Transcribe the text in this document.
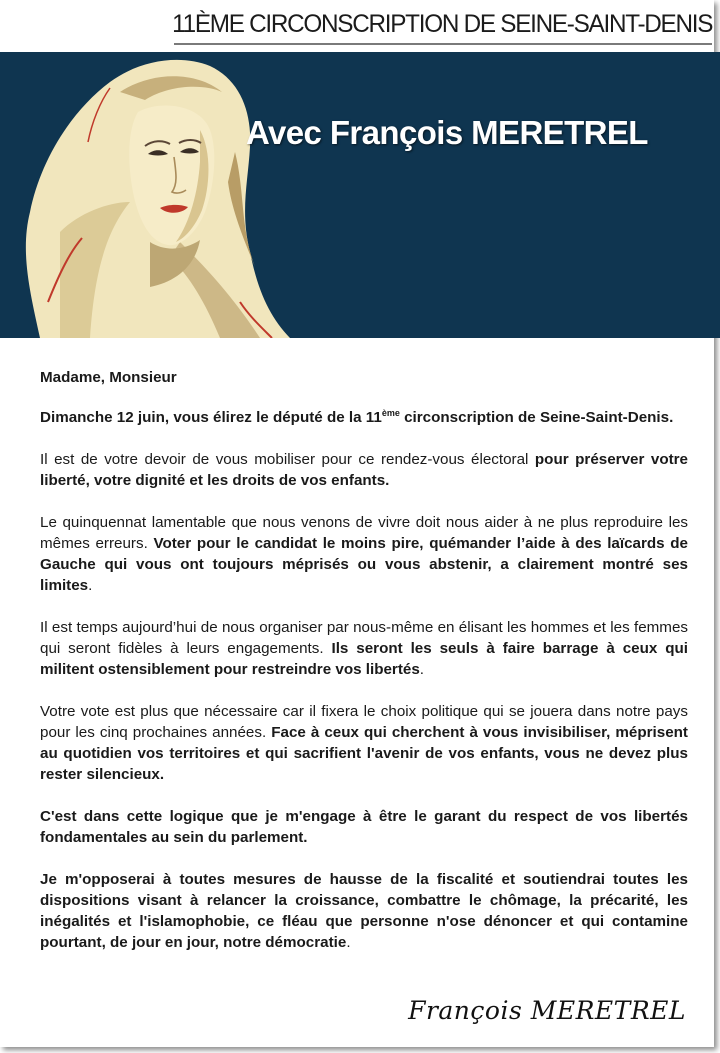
11ÈME CIRCONSCRIPTION DE SEINE-SAINT-DENIS
Avec François MERETREL

Madame, Monsieur

Dimanche 12 juin, vous élirez le député de la 11ème circonscription de Seine-Saint-Denis.

Il est de votre devoir de vous mobiliser pour ce rendez-vous électoral pour préserver votre liberté, votre dignité et les droits de vos enfants.

Le quinquennat lamentable que nous venons de vivre doit nous aider à ne plus reproduire les mêmes erreurs. Voter pour le candidat le moins pire, quémander l’aide à des laïcards de Gauche qui vous ont toujours méprisés ou vous abstenir, a clairement montré ses limites.

Il est temps aujourd’hui de nous organiser par nous-même en élisant les hommes et les femmes qui seront fidèles à leurs engagements. Ils seront les seuls à faire barrage à ceux qui militent ostensiblement pour restreindre vos libertés.

Votre vote est plus que nécessaire car il fixera le choix politique qui se jouera dans notre pays pour les cinq prochaines années. Face à ceux qui cherchent à vous invisibiliser, méprisent au quotidien vos territoires et qui sacrifient l'avenir de vos enfants, vous ne devez plus rester silencieux.

C'est dans cette logique que je m'engage à être le garant du respect de vos libertés fondamentales au sein du parlement.

Je m'opposerai à toutes mesures de hausse de la fiscalité et soutiendrai toutes les dispositions visant à relancer la croissance, combattre le chômage, la précarité, les inégalités et l'islamophobie, ce fléau que personne n'ose dénoncer et qui contamine pourtant, de jour en jour, notre démocratie.

François MERETREL
